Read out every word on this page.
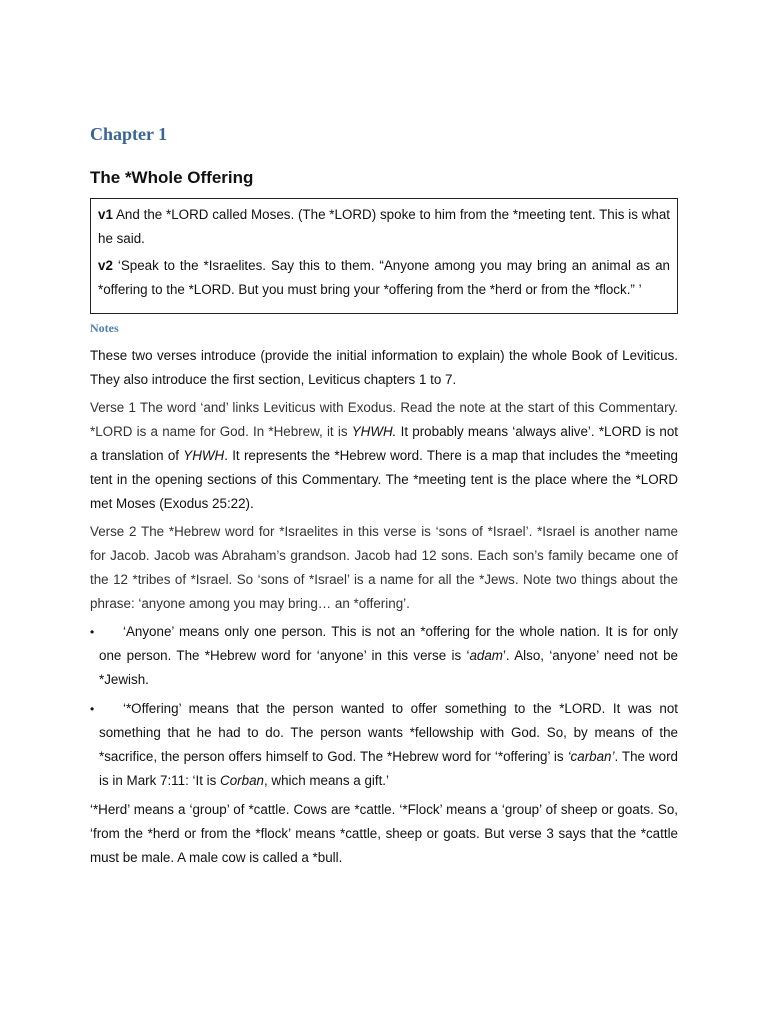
Chapter 1
The *Whole Offering

v1 And the *LORD called Moses. (The *LORD) spoke to him from the *meeting tent. This is what he said.

v2 ‘Speak to the *Israelites. Say this to them. “Anyone among you may bring an animal as an *offering to the *LORD. But you must bring your *offering from the *herd or from the *flock.” ’

Notes

These two verses introduce (provide the initial information to explain) the whole Book of Leviticus. They also introduce the first section, Leviticus chapters 1 to 7.

Verse 1 The word ‘and’ links Leviticus with Exodus. Read the note at the start of this Commentary. *LORD is a name for God. In *Hebrew, it is YHWH. It probably means ‘always alive’. *LORD is not a translation of YHWH. It represents the *Hebrew word. There is a map that includes the *meeting tent in the opening sections of this Commentary. The *meeting tent is the place where the *LORD met Moses (Exodus 25:22).

Verse 2 The *Hebrew word for *Israelites in this verse is ‘sons of *Israel’. *Israel is another name for Jacob. Jacob was Abraham’s grandson. Jacob had 12 sons. Each son’s family became one of the 12 *tribes of *Israel. So ‘sons of *Israel’ is a name for all the *Jews. Note two things about the phrase: ‘anyone among you may bring… an *offering’.

•	‘Anyone’ means only one person. This is not an *offering for the whole nation. It is for only one person. The *Hebrew word for ‘anyone’ in this verse is ‘adam’. Also, ‘anyone’ need not be *Jewish.
•	‘*Offering’ means that the person wanted to offer something to the *LORD. It was not something that he had to do. The person wants *fellowship with God. So, by means of the *sacrifice, the person offers himself to God. The *Hebrew word for ‘*offering’ is ‘carban’. The word is in Mark 7:11: ‘It is Corban, which means a gift.’

‘*Herd’ means a ‘group’ of *cattle. Cows are *cattle. ‘*Flock’ means a ‘group’ of sheep or goats. So, ‘from the *herd or from the *flock’ means *cattle, sheep or goats. But verse 3 says that the *cattle must be male. A male cow is called a *bull.
